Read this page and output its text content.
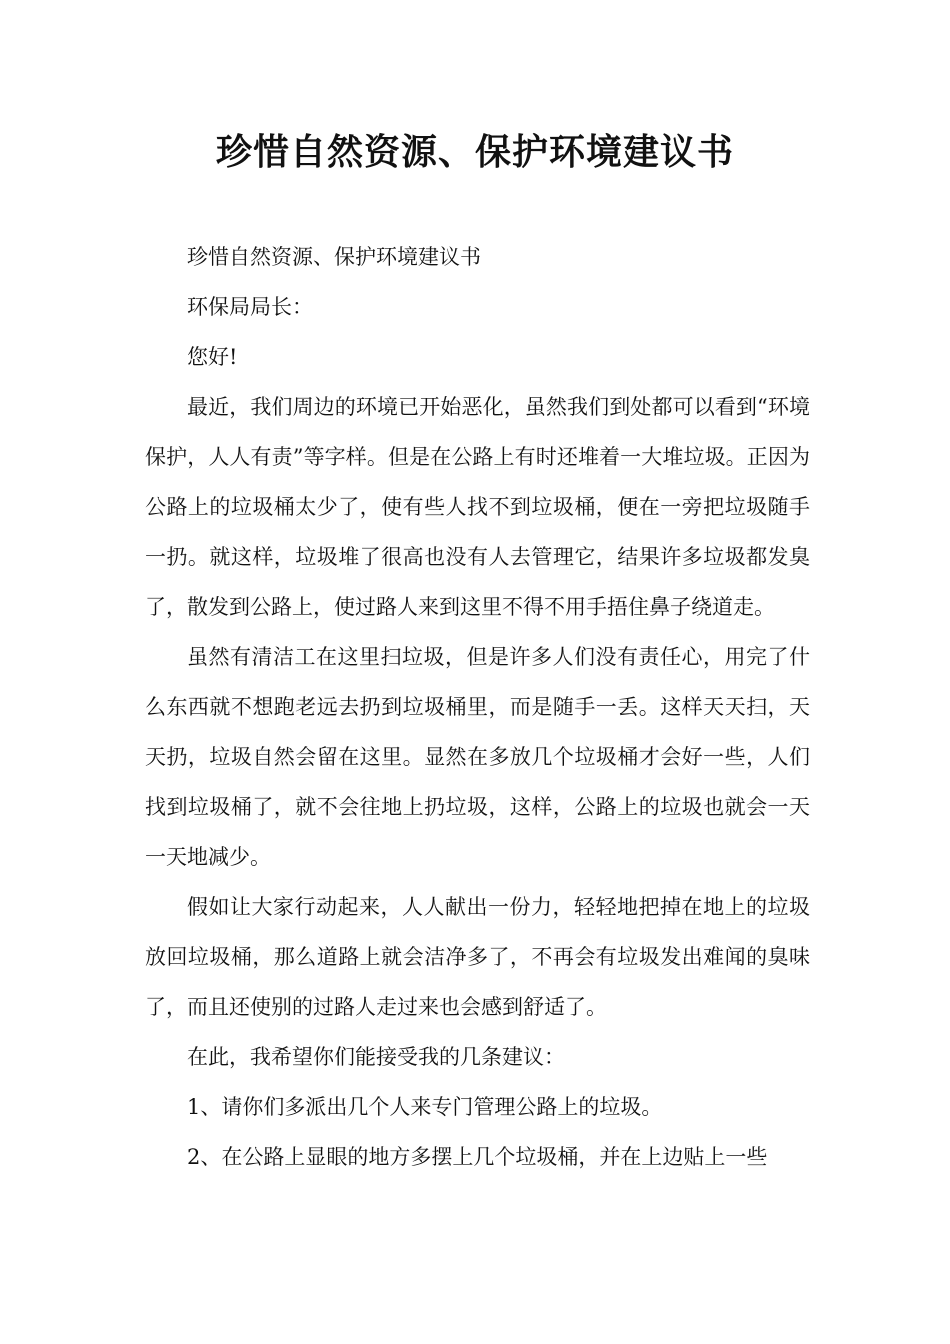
珍惜自然资源、保护环境建议书

珍惜自然资源、保护环境建议书

环保局局长：

您好!

最近，我们周边的环境已开始恶化，虽然我们到处都可以看到“环境保护，人人有责”等字样。但是在公路上有时还堆着一大堆垃圾。正因为公路上的垃圾桶太少了，使有些人找不到垃圾桶，便在一旁把垃圾随手一扔。就这样，垃圾堆了很高也没有人去管理它，结果许多垃圾都发臭了，散发到公路上，使过路人来到这里不得不用手捂住鼻子绕道走。

虽然有清洁工在这里扫垃圾，但是许多人们没有责任心，用完了什么东西就不想跑老远去扔到垃圾桶里，而是随手一丢。这样天天扫，天天扔，垃圾自然会留在这里。显然在多放几个垃圾桶才会好一些，人们找到垃圾桶了，就不会往地上扔垃圾，这样，公路上的垃圾也就会一天一天地减少。

假如让大家行动起来，人人献出一份力，轻轻地把掉在地上的垃圾放回垃圾桶，那么道路上就会洁净多了，不再会有垃圾发出难闻的臭味了，而且还使别的过路人走过来也会感到舒适了。

在此，我希望你们能接受我的几条建议：

1、请你们多派出几个人来专门管理公路上的垃圾。

2、在公路上显眼的地方多摆上几个垃圾桶，并在上边贴上一些
